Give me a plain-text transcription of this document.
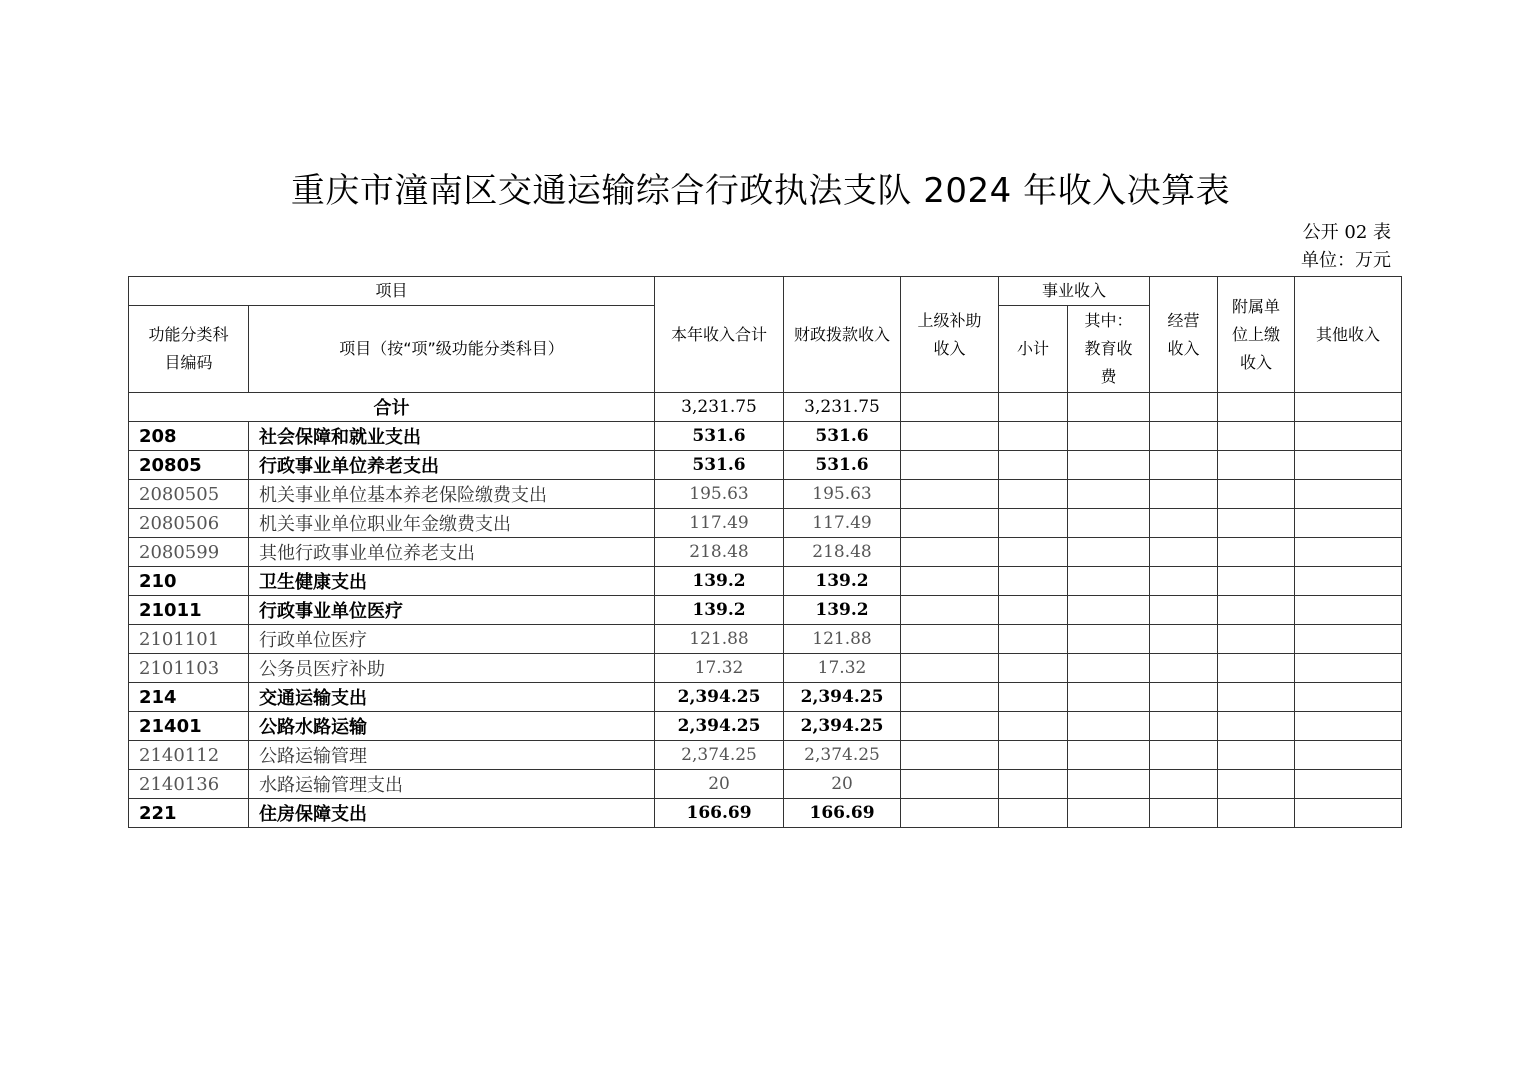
重庆市潼南区交通运输综合行政执法支队 2024 年收入决算表
公开 02 表
单位：万元
项目		本年收入合计	财政拨款收入	上级补助收入	事业收入		经营收入	附属单位上缴收入	其他收入
功能分类科目编码	项目（按“项”级功能分类科目）								
					小计	其中：教育收费			
合计		3,231.75	3,231.75						
208	社会保障和就业支出	531.6	531.6						
20805	行政事业单位养老支出	531.6	531.6						
2080505	机关事业单位基本养老保险缴费支出	195.63	195.63						
2080506	机关事业单位职业年金缴费支出	117.49	117.49						
2080599	其他行政事业单位养老支出	218.48	218.48						
210	卫生健康支出	139.2	139.2						
21011	行政事业单位医疗	139.2	139.2						
2101101	行政单位医疗	121.88	121.88						
2101103	公务员医疗补助	17.32	17.32						
214	交通运输支出	2,394.25	2,394.25						
21401	公路水路运输	2,394.25	2,394.25						
2140112	公路运输管理	2,374.25	2,374.25						
2140136	水路运输管理支出	20	20						
221	住房保障支出	166.69	166.69						
